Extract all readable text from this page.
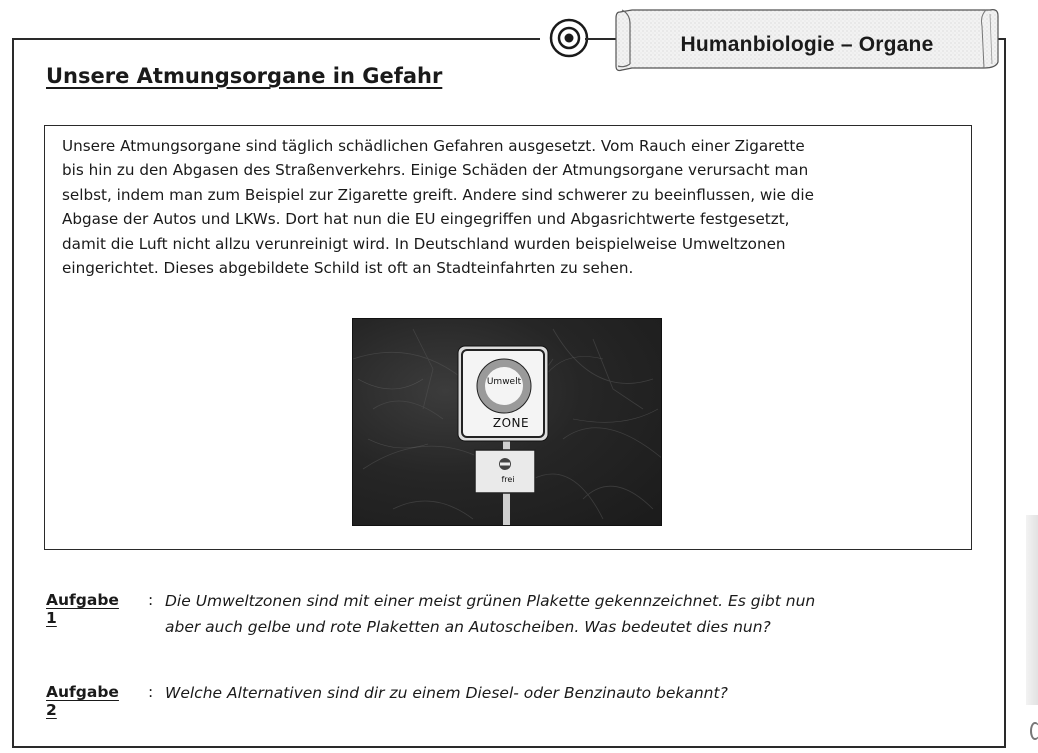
Humanbiologie – Organe
Unsere Atmungsorgane in Gefahr
Unsere Atmungsorgane sind täglich schädlichen Gefahren ausgesetzt. Vom Rauch einer Zigarette
bis hin zu den Abgasen des Straßenverkehrs. Einige Schäden der Atmungsorgane verursacht man
selbst, indem man zum Beispiel zur Zigarette greift. Andere sind schwerer zu beeinflussen, wie die
Abgase der Autos und LKWs. Dort hat nun die EU eingegriffen und Abgasrichtwerte festgesetzt,
damit die Luft nicht allzu verunreinigt wird. In Deutschland wurden beispielweise Umweltzonen
eingerichtet. Dieses abgebildete Schild ist oft an Stadteinfahrten zu sehen.
Umwelt
ZONE
frei
Aufgabe 1
: Die Umweltzonen sind mit einer meist grünen Plakette gekennzeichnet. Es gibt nun
aber auch gelbe und rote Plaketten an Autoscheiben. Was bedeutet dies nun?
Aufgabe 2
: Welche Alternativen sind dir zu einem Diesel- oder Benzinauto bekannt?
